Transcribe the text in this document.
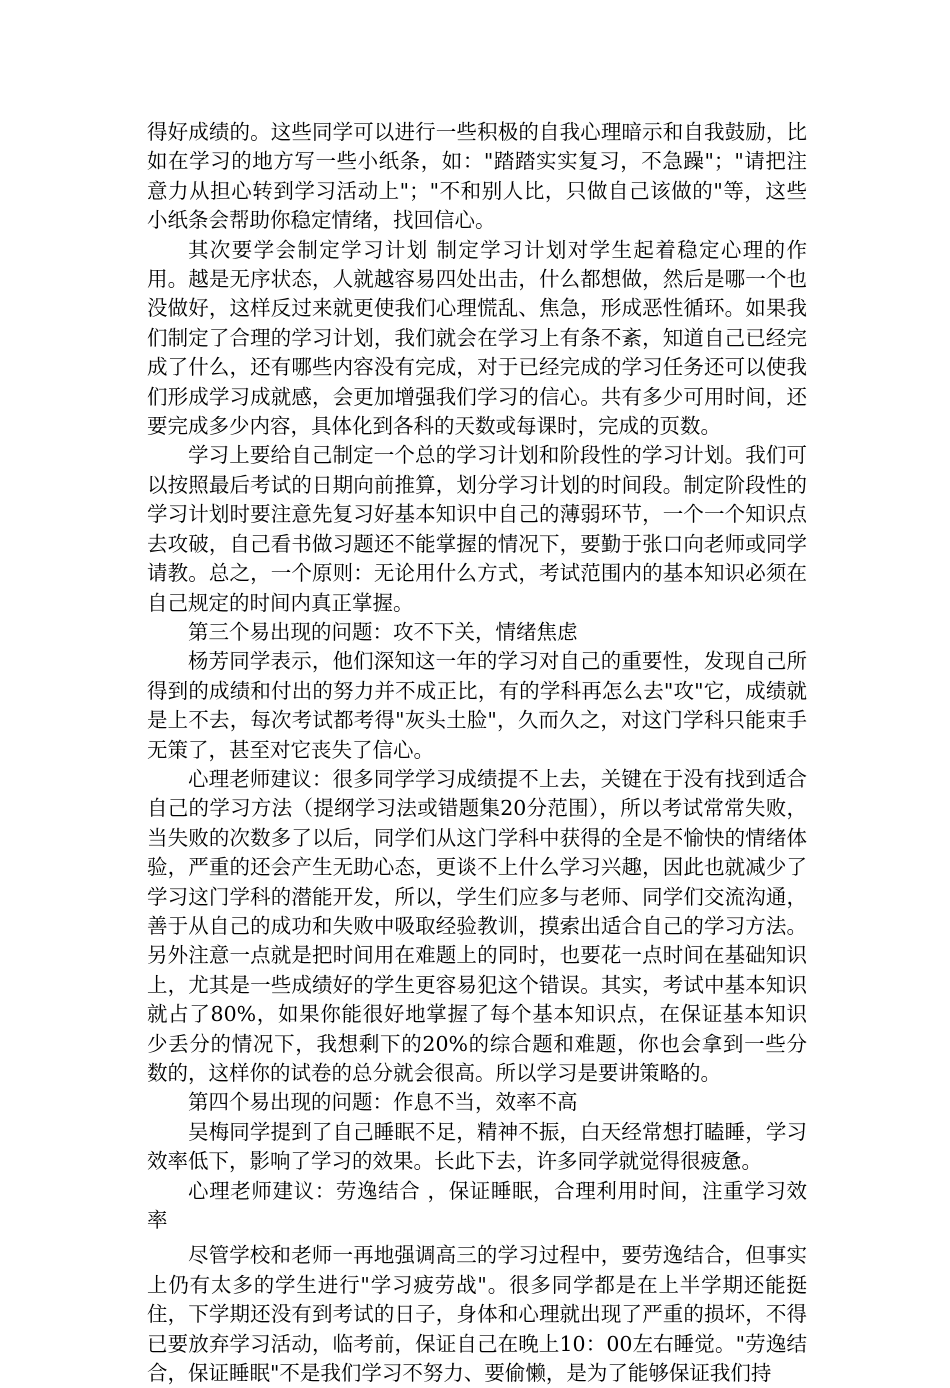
得好成绩的。这些同学可以进行一些积极的自我心理暗示和自我鼓励，比如在学习的地方写一些小纸条，如："踏踏实实复习，不急躁"；"请把注意力从担心转到学习活动上"；"不和别人比，只做自己该做的"等，这些小纸条会帮助你稳定情绪，找回信心。

其次要学会制定学习计划 制定学习计划对学生起着稳定心理的作用。越是无序状态，人就越容易四处出击，什么都想做，然后是哪一个也没做好，这样反过来就更使我们心理慌乱、焦急，形成恶性循环。如果我们制定了合理的学习计划，我们就会在学习上有条不紊，知道自己已经完成了什么，还有哪些内容没有完成，对于已经完成的学习任务还可以使我们形成学习成就感，会更加增强我们学习的信心。共有多少可用时间，还要完成多少内容，具体化到各科的天数或每课时，完成的页数。

学习上要给自己制定一个总的学习计划和阶段性的学习计划。我们可以按照最后考试的日期向前推算，划分学习计划的时间段。制定阶段性的学习计划时要注意先复习好基本知识中自己的薄弱环节，一个一个知识点去攻破，自己看书做习题还不能掌握的情况下，要勤于张口向老师或同学请教。总之，一个原则：无论用什么方式，考试范围内的基本知识必须在自己规定的时间内真正掌握。

第三个易出现的问题：攻不下关，情绪焦虑

杨芳同学表示，他们深知这一年的学习对自己的重要性，发现自己所得到的成绩和付出的努力并不成正比，有的学科再怎么去"攻"它，成绩就是上不去，每次考试都考得"灰头土脸"，久而久之，对这门学科只能束手无策了，甚至对它丧失了信心。

心理老师建议：很多同学学习成绩提不上去，关键在于没有找到适合自己的学习方法（提纲学习法或错题集20分范围），所以考试常常失败，当失败的次数多了以后，同学们从这门学科中获得的全是不愉快的情绪体验，严重的还会产生无助心态，更谈不上什么学习兴趣，因此也就减少了学习这门学科的潜能开发，所以，学生们应多与老师、同学们交流沟通，善于从自己的成功和失败中吸取经验教训，摸索出适合自己的学习方法。另外注意一点就是把时间用在难题上的同时，也要花一点时间在基础知识上，尤其是一些成绩好的学生更容易犯这个错误。其实，考试中基本知识就占了80%，如果你能很好地掌握了每个基本知识点，在保证基本知识少丢分的情况下，我想剩下的20%的综合题和难题，你也会拿到一些分数的，这样你的试卷的总分就会很高。所以学习是要讲策略的。

第四个易出现的问题：作息不当，效率不高

吴梅同学提到了自己睡眠不足，精神不振，白天经常想打瞌睡，学习效率低下，影响了学习的效果。长此下去，许多同学就觉得很疲惫。

心理老师建议：劳逸结合 ，保证睡眠，合理利用时间，注重学习效率

尽管学校和老师一再地强调高三的学习过程中，要劳逸结合，但事实上仍有太多的学生进行"学习疲劳战"。很多同学都是在上半学期还能挺住，下学期还没有到考试的日子，身体和心理就出现了严重的损坏，不得已要放弃学习活动，临考前，保证自己在晚上10：00左右睡觉。"劳逸结合，保证睡眠"不是我们学习不努力、要偷懒，是为了能够保证我们持
